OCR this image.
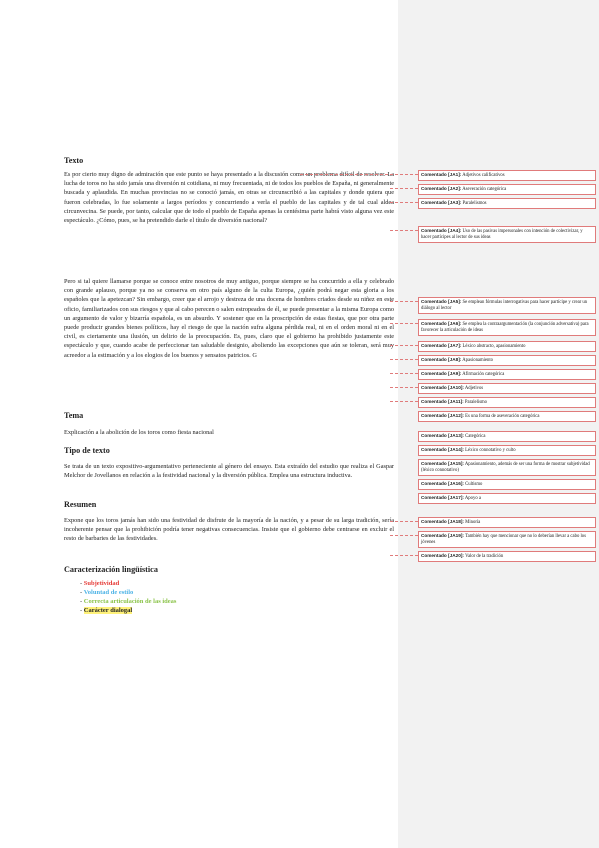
Texto
Es por cierto muy digno de admiración que este punto se haya presentado a la discusión como un problema difícil de resolver. La lucha de toros no ha sido jamás una diversión ni cotidiana, ni muy frecuentada, ni de todos los pueblos de España, ni generalmente buscada y aplaudida. En muchas provincias no se conoció jamás, en otras se circunscribió a las capitales y donde quiera que fueron celebradas, lo fue solamente a largos períodos y concurriendo a verla el pueblo de las capitales y de tal cual aldea circunvecina. Se puede, por tanto, calcular que de todo el pueblo de España apenas la centésima parte habrá visto alguna vez este espectáculo. ¿Cómo, pues, se ha pretendido darle el título de diversión nacional?
Pero si tal quiere llamarse porque se conoce entre nosotros de muy antiguo, porque siempre se ha concurrido a ella y celebrado con grande aplauso, porque ya no se conserva en otro país alguno de la culta Europa, ¿quién podrá negar esta gloria a los españoles que la apetezcan? Sin embargo, creer que el arrojo y destreza de una docena de hombres criados desde su niñez en este oficio, familiarizados con sus riesgos y que al cabo perecen o salen estropeados de él, se puede presentar a la misma Europa como un argumento de valor y bizarría española, es un absurdo. Y sostener que en la proscripción de estas fiestas, que por otra parte puede producir grandes bienes políticos, hay el riesgo de que la nación sufra alguna pérdida real, ni en el orden moral ni en el civil, es ciertamente una ilusión, un delirio de la preocupación. Es, pues, claro que el gobierno ha prohibido justamente este espectáculo y que, cuando acabe de perfeccionar tan saludable designio, aboliendo las excepciones que aún se toleran, será muy acreedor a la estimación y a los elogios de los buenos y sensatos patricios. G
Tema
Explicación a la abolición de los toros como fiesta nacional
Tipo de texto
Se trata de un texto expositivo-argumentativo perteneciente al género del ensayo. Esta extraído del estudio que realiza el Gaspar Melchor de Jovellanos en relación a la festividad nacional y la diversión pública. Emplea una estructura inductiva.
Resumen
Expone que los toros jamás han sido una festividad de disfrute de la mayoría de la nación, y a pesar de su larga tradición, sería incoherente pensar que la prohibición podría tener negativas consecuencias. Insiste que el gobierno debe centrarse en excluir el resto de barbaries de las festividades.
Caracterización lingüística
- Subjetividad
- Voluntad de estilo
- Correcta articulación de las ideas
- Carácter dialogal
Comentado [JA1]: Adjetivos calificativos
Comentado [JA2]: Aseveración categórica
Comentado [JA3]: Paralelismos
Comentado [JA4]: Uso de las pasivas impersonales con intención de colectivizar, y hacer partícipes al lector de sus ideas
Comentado [JA5]: Se emplean fórmulas interrogativas para hacer partícipe y crear un diálogo al lector
Comentado [JA6]: Se emplea la contraargumentación (la conjunción adversativa) para favorecer la articulación de ideas
Comentado [JA7]: Léxico abstracto, apasionamiento
Comentado [JA8]: Apasionamiento
Comentado [JA9]: Afirmación categórica
Comentado [JA10]: Adjetivos
Comentado [JA11]: Paralelismo
Comentado [JA12]: Es una forma de aseveración categórica
Comentado [JA13]: Categórica
Comentado [JA14]: Léxico connotativo y culto
Comentado [JA15]: Apasionamiento, además de ser una forma de mostrar subjetividad (léxico connotativo)
Comentado [JA16]: Cultismo
Comentado [JA17]: Apoyo a
Comentado [JA18]: Minoría
Comentado [JA19]: También hay que mencionar que no lo deberían llevar a cabo los jóvenes
Comentado [JA20]: Valor de la tradición
